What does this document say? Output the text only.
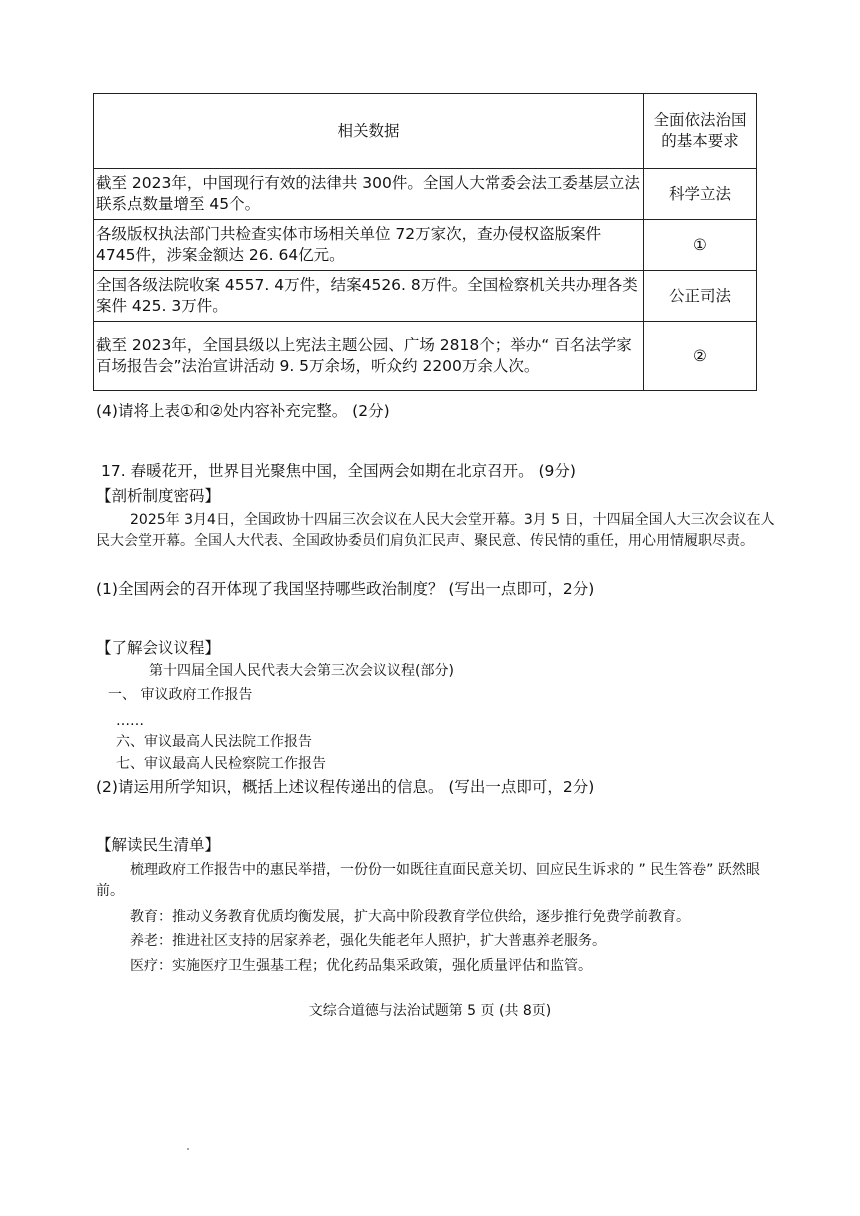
相关数据	全面依法治国的基本要求
截至 2023年，中国现行有效的法律共 300件。全国人大常委会法工委基层立法联系点数量增至 45个。	科学立法
各级版权执法部门共检查实体市场相关单位 72万家次，查办侵权盗版案件 4745件，涉案金额达 26. 64亿元。	①
全国各级法院收案 4557. 4万件，结案4526. 8万件。全国检察机关共办理各类案件 425. 3万件。	公正司法
截至 2023年，全国县级以上宪法主题公园、广场 2818个；举办“ 百名法学家百场报告会”法治宣讲活动 9. 5万余场，听众约 2200万余人次。	②
(4)请将上表①和②处内容补充完整。 (2分)
17. 春暖花开，世界目光聚焦中国，全国两会如期在北京召开。 (9分)
【剖析制度密码】
2025年 3月4日，全国政协十四届三次会议在人民大会堂开幕。3月 5 日，十四届全国人大三次会议在人民大会堂开幕。全国人大代表、全国政协委员们肩负汇民声、聚民意、传民情的重任，用心用情履职尽责。
(1)全国两会的召开体现了我国坚持哪些政治制度？ (写出一点即可，2分)
【了解会议议程】
第十四届全国人民代表大会第三次会议议程(部分)
一、 审议政府工作报告
……
六、审议最高人民法院工作报告
七、审议最高人民检察院工作报告
(2)请运用所学知识，概括上述议程传递出的信息。 (写出一点即可，2分)
【解读民生清单】
梳理政府工作报告中的惠民举措，一份份一如既往直面民意关切、回应民生诉求的 ” 民生答卷” 跃然眼前。
教育：推动义务教育优质均衡发展，扩大高中阶段教育学位供给，逐步推行免费学前教育。
养老：推进社区支持的居家养老，强化失能老年人照护，扩大普惠养老服务。
医疗：实施医疗卫生强基工程；优化药品集采政策，强化质量评估和监管。
文综合道德与法治试题第 5 页 (共 8页)
